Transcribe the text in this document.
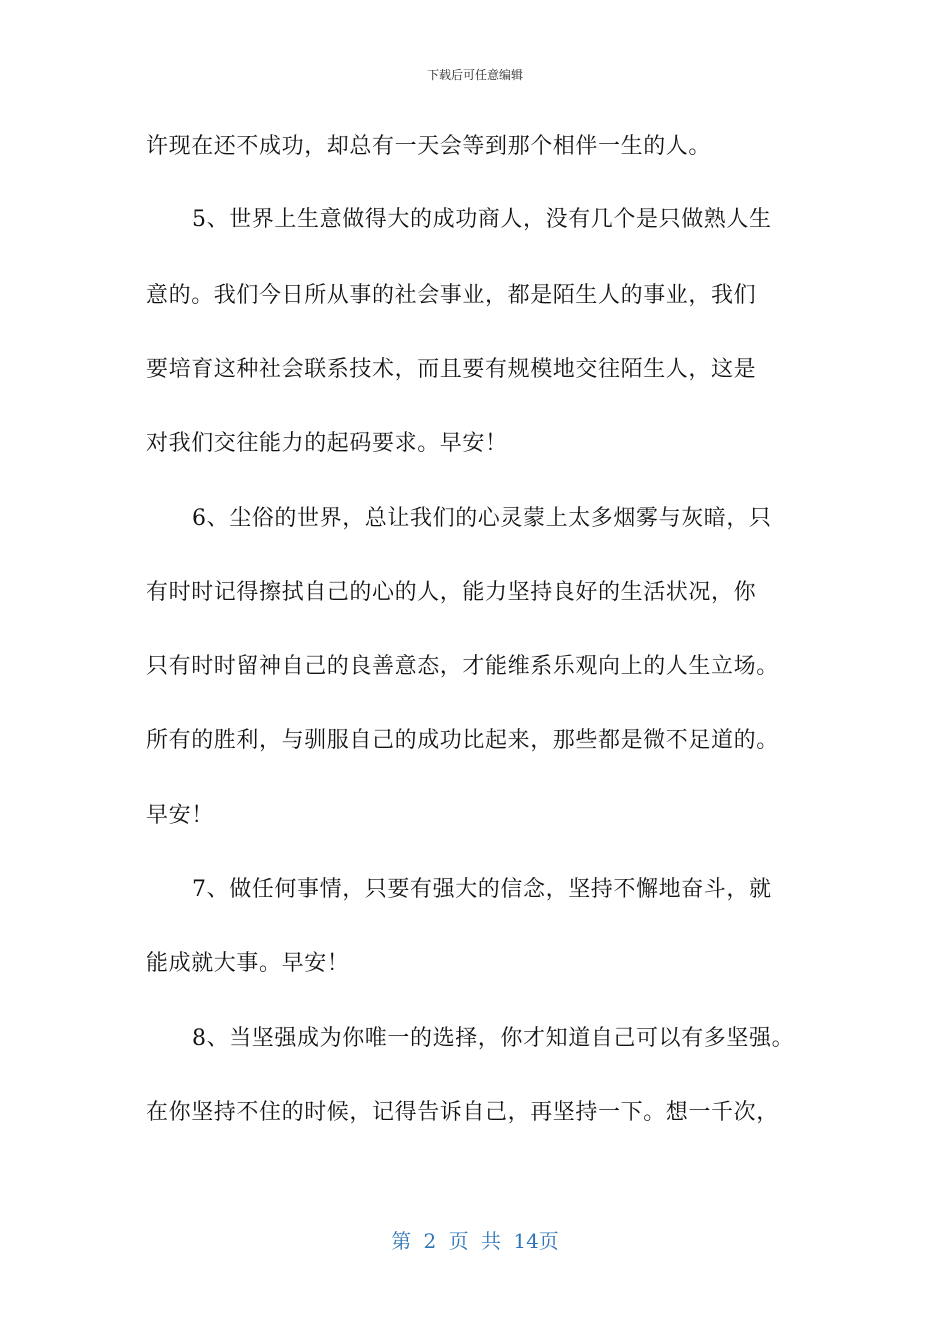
下载后可任意编辑
许现在还不成功，却总有一天会等到那个相伴一生的人。
5、世界上生意做得大的成功商人，没有几个是只做熟人生
意的。我们今日所从事的社会事业，都是陌生人的事业，我们
要培育这种社会联系技术，而且要有规模地交往陌生人，这是
对我们交往能力的起码要求。早安！
6、尘俗的世界，总让我们的心灵蒙上太多烟雾与灰暗，只
有时时记得擦拭自己的心的人，能力坚持良好的生活状况，你
只有时时留神自己的良善意态，才能维系乐观向上的人生立场。
所有的胜利，与驯服自己的成功比起来，那些都是微不足道的。
早安！
7、做任何事情，只要有强大的信念，坚持不懈地奋斗，就
能成就大事。早安！
8、当坚强成为你唯一的选择，你才知道自己可以有多坚强。
在你坚持不住的时候，记得告诉自己，再坚持一下。想一千次，
第 2 页 共 14页
